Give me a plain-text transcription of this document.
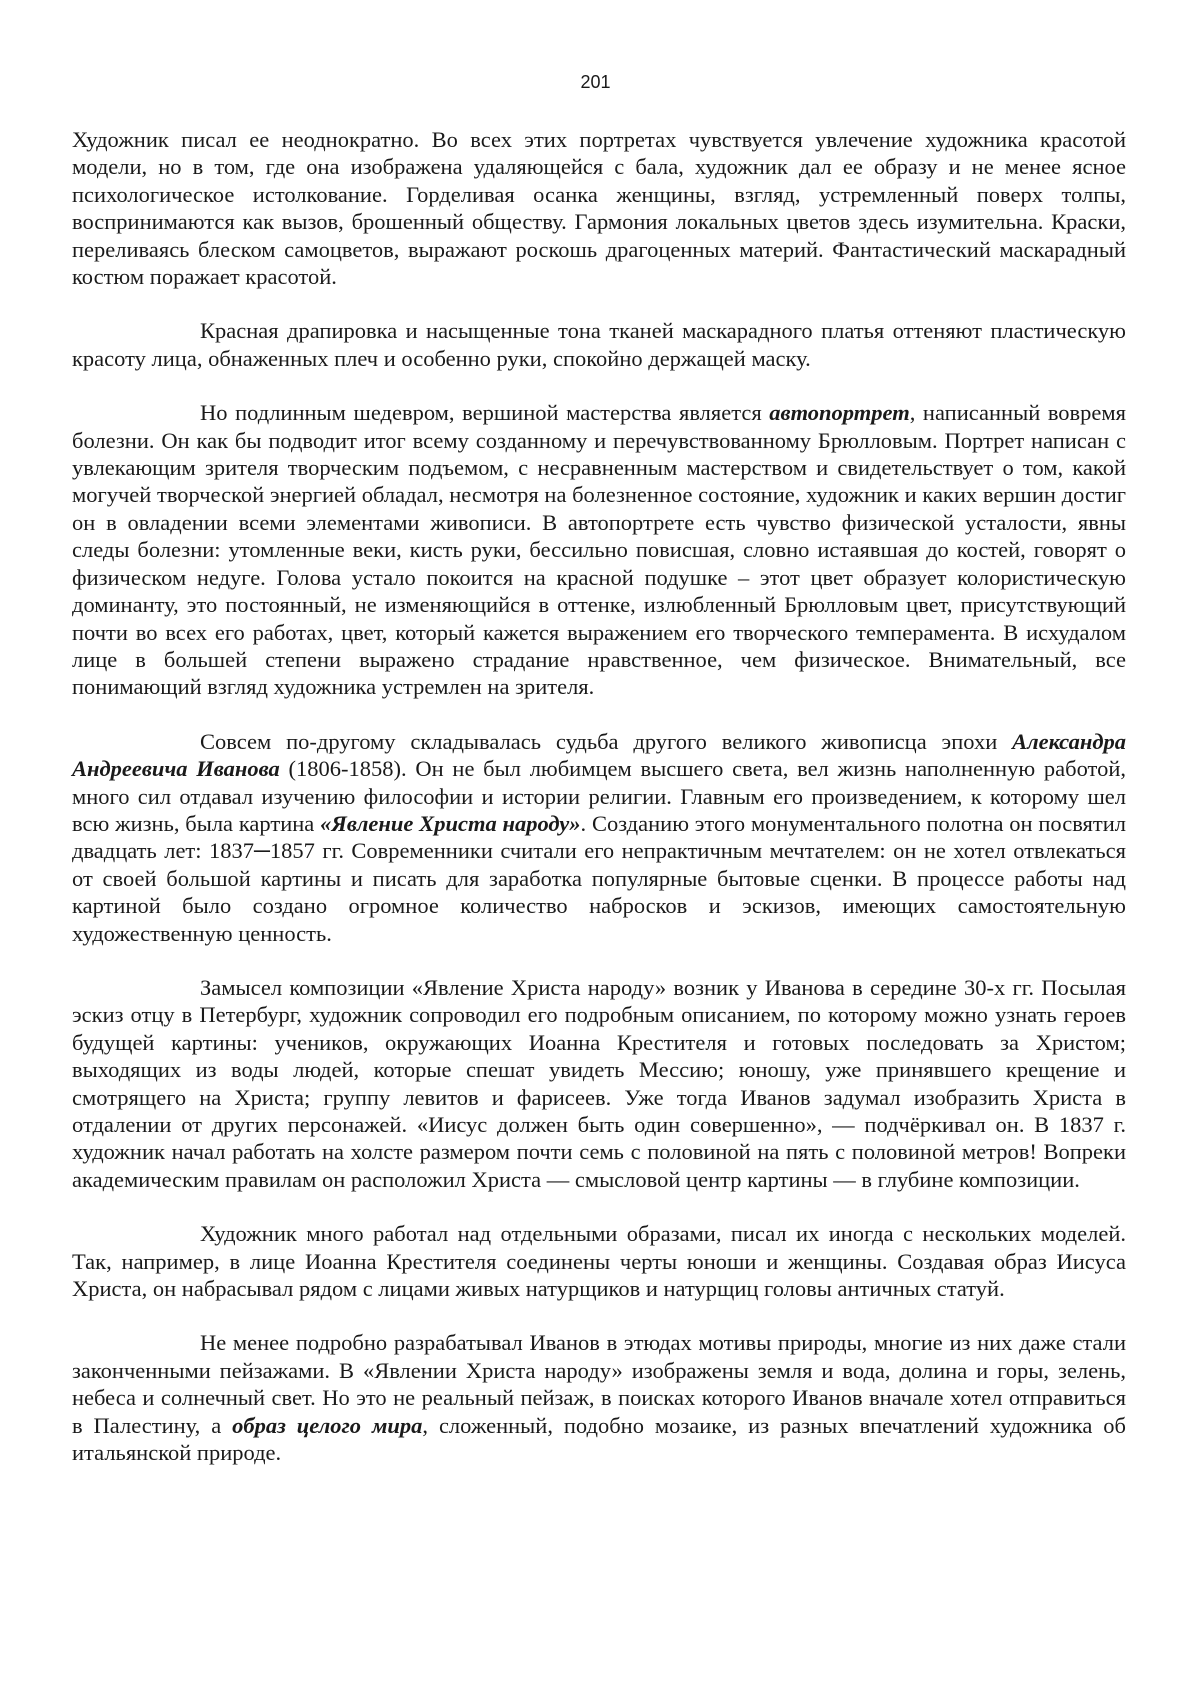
201

Художник писал ее неоднократно. Во всех этих портретах чувствуется увлечение художника красотой модели, но в том, где она изображена удаляющейся с бала, художник дал ее образу и не менее ясное психологическое истолкование. Горделивая осанка женщины, взгляд, устремленный поверх толпы, воспринимаются как вызов, брошенный обществу. Гармония локальных цветов здесь изумительна. Краски, переливаясь блеском самоцветов, выражают роскошь драгоценных материй. Фантастический маскарадный костюм поражает красотой.

Красная драпировка и насыщенные тона тканей маскарадного платья оттеняют пластическую красоту лица, обнаженных плеч и особенно руки, спокойно держащей маску.

Но подлинным шедевром, вершиной мастерства является автопортрет, написанный вовремя болезни. Он как бы подводит итог всему созданному и перечувствованному Брюлловым. Портрет написан с увлекающим зрителя творческим подъемом, с несравненным мастерством и свидетельствует о том, какой могучей творческой энергией обладал, несмотря на болезненное состояние, художник и каких вершин достиг он в овладении всеми элементами живописи. В автопортрете есть чувство физической усталости, явны следы болезни: утомленные веки, кисть руки, бессильно повисшая, словно истаявшая до костей, говорят о физическом недуге. Голова устало покоится на красной подушке – этот цвет образует колористическую доминанту, это постоянный, не изменяющийся в оттенке, излюбленный Брюлловым цвет, присутствующий почти во всех его работах, цвет, который кажется выражением его творческого темперамента. В исхудалом лице в большей степени выражено страдание нравственное, чем физическое. Внимательный, все понимающий взгляд художника устремлен на зрителя.

Совсем по-другому складывалась судьба другого великого живописца эпохи Александра Андреевича Иванова (1806-1858). Он не был любимцем высшего света, вел жизнь наполненную работой, много сил отдавал изучению философии и истории религии. Главным его произведением, к которому шел всю жизнь, была картина «Явление Христа народу». Созданию этого монументального полотна он посвятил двадцать лет: 1837─1857 гг. Современники считали его непрактичным мечтателем: он не хотел отвлекаться от своей большой картины и писать для заработка популярные бытовые сценки. В процессе работы над картиной было создано огромное количество набросков и эскизов, имеющих самостоятельную художественную ценность.

Замысел композиции «Явление Христа народу» возник у Иванова в середине 30-х гг. Посылая эскиз отцу в Петербург, художник сопроводил его подробным описанием, по которому можно узнать героев будущей картины: учеников, окружающих Иоанна Крестителя и готовых последовать за Христом; выходящих из воды людей, которые спешат увидеть Мессию; юношу, уже принявшего крещение и смотрящего на Христа; группу левитов и фарисеев. Уже тогда Иванов задумал изобразить Христа в отдалении от других персонажей. «Иисус должен быть один совершенно», — подчёркивал он. В 1837 г. художник начал работать на холсте размером почти семь с половиной на пять с половиной метров! Вопреки академическим правилам он расположил Христа — смысловой центр картины — в глубине композиции.

Художник много работал над отдельными образами, писал их иногда с нескольких моделей. Так, например, в лице Иоанна Крестителя соединены черты юноши и женщины. Создавая образ Иисуса Христа, он набрасывал рядом с лицами живых натурщиков и натурщиц головы античных статуй.

Не менее подробно разрабатывал Иванов в этюдах мотивы природы, многие из них даже стали законченными пейзажами. В «Явлении Христа народу» изображены земля и вода, долина и горы, зелень, небеса и солнечный свет. Но это не реальный пейзаж, в поисках которого Иванов вначале хотел отправиться в Палестину, а образ целого мира, сложенный, подобно мозаике, из разных впечатлений художника об итальянской природе.
